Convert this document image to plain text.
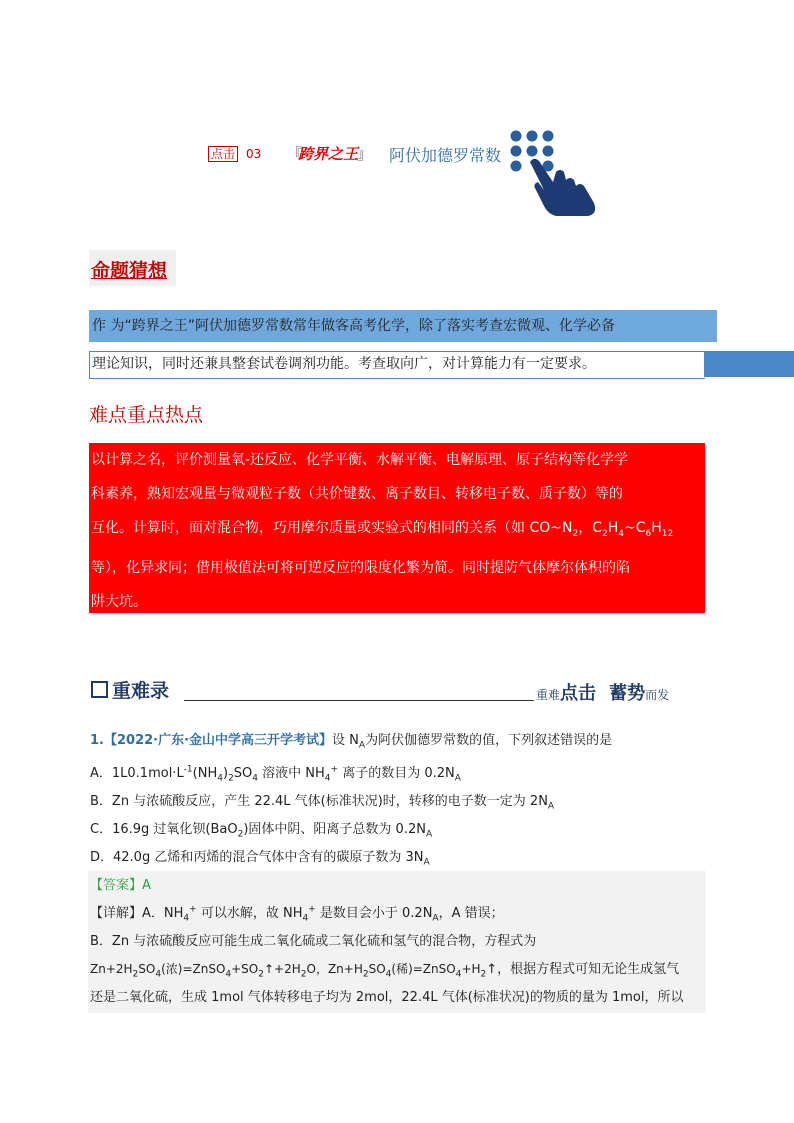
点击 03 『
跨界之王
』 阿伏加德罗常数
命题猜想
作 为“跨界之王”阿伏加德罗常数常年做客高考化学，除了落实考查宏微观、化学必备
理论知识，同时还兼具整套试卷调剂功能。考查取向广，对计算能力有一定要求。
难点重点热点

以计算之名，评价测量氧-还反应、化学平衡、水解平衡、电解原理、原子结构等化学学

科素养，熟知宏观量与微观粒子数（共价键数、离子数目、转移电子数、质子数）等的

互化。计算时，面对混合物，巧用摩尔质量或实验式的相同的关系（如 $CO\sim N_2$，$C_2H_4\sim C_6H_{12}$

等），化异求同；借用极值法可将可逆反应的限度化繁为简。同时提防气体摩尔体积的陷

阱大坑。

重难录	重难点击 蓄势而发
1.【2022·广东·金山中学高三开学考试】设 $N_A$为阿伏伽德罗常数的值，下列叙述错误的是
A．$1L0.1mol\cdot L^{-1}(NH_4)_2SO_4$ 溶液中 $NH_4^+$ 离子的数目为 $0.2N_A$
B．Zn 与浓硫酸反应，产生 22.4L 气体(标准状况)时，转移的电子数一定为 $2N_A$
C．16.9g 过氧化钡(BaO$_2$)固体中阴、阳离子总数为 $0.2N_A$
D．42.0g 乙烯和丙烯的混合气体中含有的碳原子数为 $3N_A$
【答案】A
【详解】A．$NH_4^+$ 可以水解，故 $NH_4^+$ 是数目会小于 $0.2N_A$，A 错误；
B．Zn 与浓硫酸反应可能生成二氧化硫或二氧化硫和氢气的混合物，方程式为
$Zn+2H_2SO_4$(浓)$=ZnSO_4+SO_2↑+2H_2O$，$Zn+H_2SO_4$(稀)$=ZnSO_4+H_2↑$，根据方程式可知无论生成氢气
还是二氧化硫，生成 1mol 气体转移电子均为 2mol，22.4L 气体(标准状况)的物质的量为 1mol，所以
